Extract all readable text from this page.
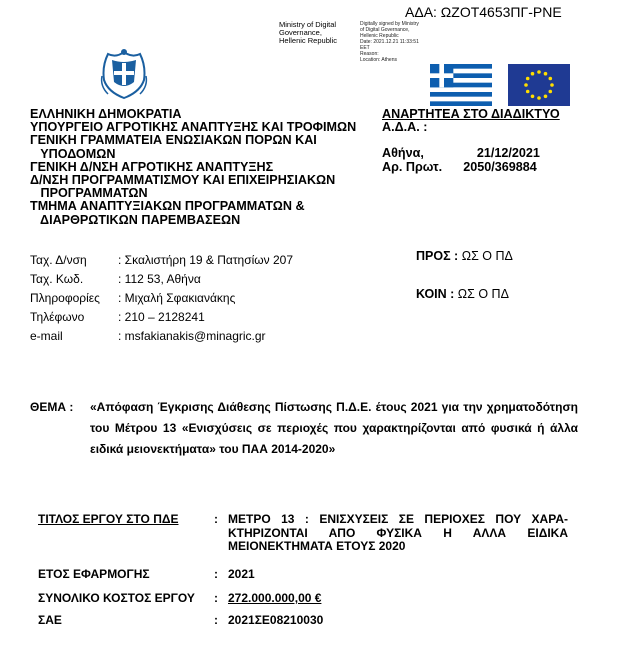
ΑΔΑ: ΩΖΟΤ4653ΠΓ-ΡΝΕ
Ministry of Digital
Governance,
Hellenic Republic
Digitally signed by Ministry
of Digital Governance,
Hellenic Republic
Date: 2021.12.21 11:33:51
EET
Reason:
Location: Athens
ΕΛΛΗΝΙΚΗ ΔΗΜΟΚΡΑΤΙΑ
ΥΠΟΥΡΓΕΙΟ ΑΓΡΟΤΙΚΗΣ ΑΝΑΠΤΥΞΗΣ ΚΑΙ ΤΡΟΦΙΜΩΝ
ΓΕΝΙΚΗ ΓΡΑΜΜΑΤΕΙΑ ΕΝΩΣΙΑΚΩΝ ΠΟΡΩΝ ΚΑΙ
ΥΠΟΔΟΜΩΝ
ΓΕΝΙΚΗ Δ/ΝΣΗ ΑΓΡΟΤΙΚΗΣ ΑΝΑΠΤΥΞΗΣ
Δ/ΝΣΗ ΠΡΟΓΡΑΜΜΑΤΙΣΜΟΥ ΚΑΙ ΕΠΙΧΕΙΡΗΣΙΑΚΩΝ
ΠΡΟΓΡΑΜΜΑΤΩΝ
ΤΜΗΜΑ ΑΝΑΠΤΥΞΙΑΚΩΝ ΠΡΟΓΡΑΜΜΑΤΩΝ &
ΔΙΑΡΘΡΩΤΙΚΩΝ ΠΑΡΕΜΒΑΣΕΩΝ
ΑΝΑΡΤΗΤΕΑ ΣΤΟ ΔΙΑΔΙΚΤΥΟ
Α.Δ.Α. :
Αθήνα,	21/12/2021
Αρ. Πρωτ. 2050/369884
Ταχ. Δ/νση	: Σκαλιστήρη 19 & Πατησίων 207
Ταχ. Κωδ.	: 112 53, Αθήνα
Πληροφορίες	: Μιχαλή Σφακιανάκης
Τηλέφωνο	: 210 – 2128241
e-mail	: msfakianakis@minagric.gr
ΠΡΟΣ : ΩΣ Ο ΠΔ
ΚΟΙΝ : ΩΣ Ο ΠΔ
ΘΕΜΑ : «Απόφαση Έγκρισης Διάθεσης Πίστωσης Π.Δ.Ε. έτους 2021 για την χρηματοδότηση του Μέτρου 13 «Ενισχύσεις σε περιοχές που χαρακτηρίζονται από φυσικά ή άλλα ειδικά μειονεκτήματα» του ΠΑΑ 2014-2020»
ΤΙΤΛΟΣ ΕΡΓΟΥ ΣΤΟ ΠΔΕ	: ΜΕΤΡΟ 13 : ΕΝΙΣΧΥΣΕΙΣ ΣΕ ΠΕΡΙΟΧΕΣ ΠΟΥ ΧΑΡΑ-ΚΤΗΡΙΖΟΝΤΑΙ ΑΠΟ ΦΥΣΙΚΑ Η ΑΛΛΑ ΕΙΔΙΚΑ ΜΕΙΟΝΕΚΤΗΜΑΤΑ ΕΤΟΥΣ 2020
ΕΤΟΣ ΕΦΑΡΜΟΓΗΣ	: 2021
ΣΥΝΟΛΙΚΟ ΚΟΣΤΟΣ ΕΡΓΟΥ : 272.000.000,00 €
ΣΑΕ	: 2021ΣΕ08210030
